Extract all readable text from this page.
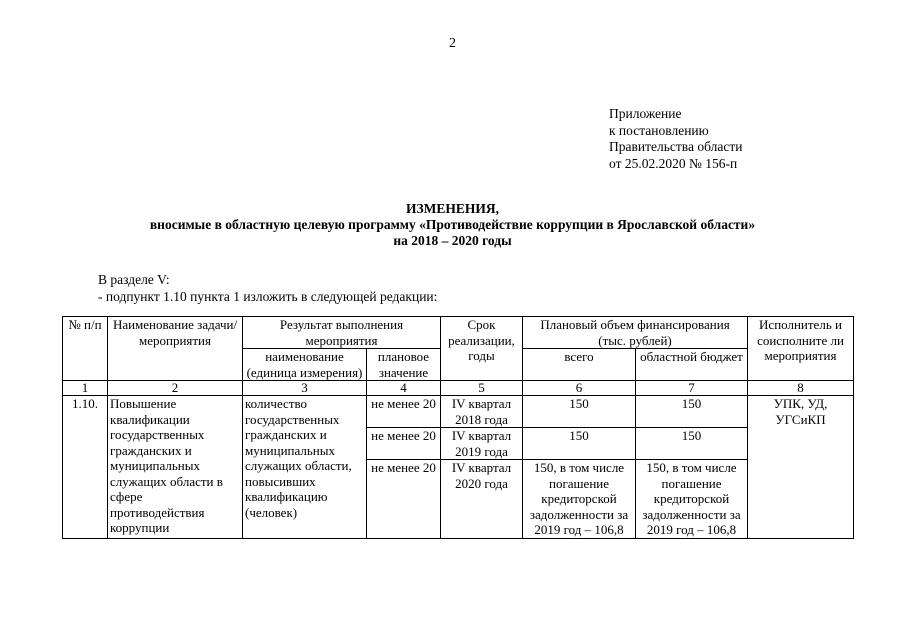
2
Приложение
к постановлению
Правительства области
от 25.02.2020 № 156-п
ИЗМЕНЕНИЯ,
вносимые в областную целевую программу «Противодействие коррупции в Ярославской области»
на 2018 – 2020 годы
В разделе V:
- подпункт 1.10 пункта 1 изложить в следующей редакции:
№ п/п	Наименование задачи/ мероприятия	Результат выполнения мероприятия		Срок реализации, годы	Плановый объем финансирования (тыс. рублей)		Исполнитель и соисполните ли мероприятия
		наименование (единица измерения)	плановое значение		всего	областной бюджет	
1	2	3	4	5	6	7	8
1.10.	Повышение квалификации государственных гражданских и муниципальных служащих области в сфере противодействия коррупции	количество государственных гражданских и муниципальных служащих области, повысивших квалификацию (человек)	не менее 20	IV квартал 2018 года	150	150	УПК, УД, УГСиКП
			не менее 20	IV квартал 2019 года	150	150	
			не менее 20	IV квартал 2020 года	150, в том числе погашение кредиторской задолженности за 2019 год – 106,8	150, в том числе погашение кредиторской задолженности за 2019 год – 106,8	
